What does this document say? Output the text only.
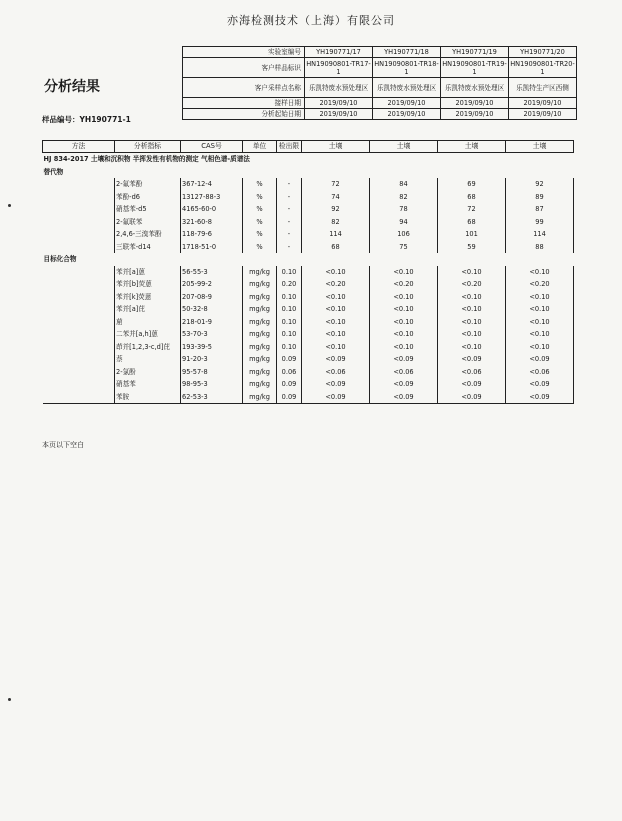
亦海检测技术（上海）有限公司
分析结果
样品编号：YH190771-1
实验室编号	YH190771/17	YH190771/18	YH190771/19	YH190771/20
客户样品标识	HN19090801-TR17-1	HN19090801-TR18-1	HN19090801-TR19-1	HN19090801-TR20-1
客户采样点名称	乐凯特废水预处理区	乐凯特废水预处理区	乐凯特废水预处理区	乐凯特生产区西侧
接样日期	2019/09/10	2019/09/10	2019/09/10	2019/09/10
分析起始日期	2019/09/10	2019/09/10	2019/09/10	2019/09/10
方法	分析指标	CAS号	单位	检出限	土壤	土壤	土壤	土壤
HJ 834-2017 土壤和沉积物 半挥发性有机物的测定 气相色谱-质谱法								
替代物								
	2-氟苯酚	367-12-4	%	-	72	84	69	92
	苯酚-d6	13127-88-3	%	-	74	82	68	89
	硝基苯-d5	4165-60-0	%	-	92	78	72	87
	2-氟联苯	321-60-8	%	-	82	94	68	99
	2,4,6-三溴苯酚	118-79-6	%	-	114	106	101	114
	三联苯-d14	1718-51-0	%	-	68	75	59	88
目标化合物								
	苯并[a]蒽	56-55-3	mg/kg	0.10	<0.10	<0.10	<0.10	<0.10
	苯并[b]荧蒽	205-99-2	mg/kg	0.20	<0.20	<0.20	<0.20	<0.20
	苯并[k]荧蒽	207-08-9	mg/kg	0.10	<0.10	<0.10	<0.10	<0.10
	苯并[a]芘	50-32-8	mg/kg	0.10	<0.10	<0.10	<0.10	<0.10
	䓛	218-01-9	mg/kg	0.10	<0.10	<0.10	<0.10	<0.10
	二苯并[a,h]蒽	53-70-3	mg/kg	0.10	<0.10	<0.10	<0.10	<0.10
	茚并[1,2,3-c,d]芘	193-39-5	mg/kg	0.10	<0.10	<0.10	<0.10	<0.10
	萘	91-20-3	mg/kg	0.09	<0.09	<0.09	<0.09	<0.09
	2-氯酚	95-57-8	mg/kg	0.06	<0.06	<0.06	<0.06	<0.06
	硝基苯	98-95-3	mg/kg	0.09	<0.09	<0.09	<0.09	<0.09
	苯胺	62-53-3	mg/kg	0.09	<0.09	<0.09	<0.09	<0.09
本页以下空白
